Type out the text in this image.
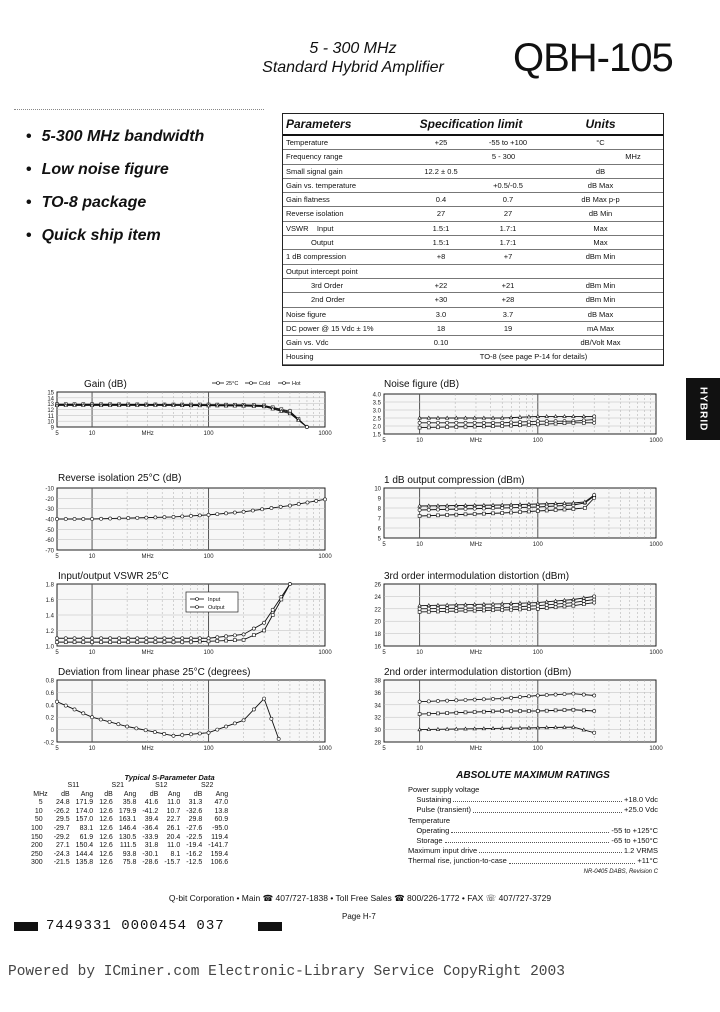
5 - 300 MHz
Standard Hybrid Amplifier	QBH-105
• 5-300 MHz bandwidth
• Low noise figure
• TO-8 package
• Quick ship item
Parameters	Specification limit	Units
Temperature	+25	-55 to +100	°C
Frequency range	5 - 300	MHz
Small signal gain	12.2 ± 0.5	dB
Gain vs. temperature	+0.5/-0.5	dB Max
Gain flatness	0.4	0.7	dB Max p-p
Reverse isolation	27	27	dB Min
VSWR    Input	1.5:1	1.7:1	Max
Output	1.5:1	1.7:1	Max
1 dB compression	+8	+7	dBm Min
Output intercept point
3rd Order	+22	+21	dBm Min
2nd Order	+30	+28	dBm Min
Noise figure	3.0	3.7	dB Max
DC power @ 15 Vdc ± 1%	18	19	mA Max
Gain vs. Vdc	0.10	dB/Volt Max
Housing	TO-8 (see page P-14 for details)
HYBRID
Gain (dB)	Noise figure (dB)
Reverse isolation 25°C (dB)	1 dB output compression (dBm)
Input/output VSWR 25°C	3rd order intermodulation distortion (dBm)
Deviation from linear phase 25°C (degrees)	2nd order intermodulation distortion (dBm)
15
14
13
12
11
10
9
5	10	MHz	100	1000
4.0
3.5
3.0
2.5
2.0
1.5
5	10	MHz	100	1000
-10
-20
-30
-40
-50
-60
-70
5	10	MHz	100	1000
10
9
8
7
6
5
5	10	MHz	100	1000
1.8
1.6
1.4
1.2
1.0
5	10	MHz	100	1000
26
24
22
20
18
16
5	10	MHz	100	1000
0.8
0.6
0.4
0.2
0
-0.2
5	10	MHz	100	1000
38
36
34
32
30
28
5	10	MHz	100	1000
25°C	Cold	Hot
Input
Output
Typical S-Parameter Data
	S11		S21		S12		S22	
MHz	dB	Ang	dB	Ang	dB	Ang	dB	Ang
5	24.8	171.9	12.6	35.8	41.6	11.0	31.3	47.0
10	-26.2	174.0	12.6	179.9	-41.2	10.7	-32.6	13.8
50	29.5	157.0	12.6	163.1	39.4	22.7	29.8	60.9
100	-29.7	83.1	12.6	146.4	-36.4	26.1	-27.6	-95.0
150	-29.2	61.9	12.6	130.5	-33.9	20.4	-22.5	119.4
200	27.1	150.4	12.6	111.5	31.8	11.0	-19.4	-141.7
250	-24.3	144.4	12.6	93.8	-30.1	8.1	-16.2	159.4
300	-21.5	135.8	12.6	75.8	-28.6	-15.7	-12.5	106.6
ABSOLUTE MAXIMUM RATINGS
Power supply voltage
Sustaining	+18.0 Vdc
Pulse (transient)	+25.0 Vdc
Temperature
Operating	-55 to +125°C
Storage	-65 to +150°C
Maximum input drive	1.2 VRMS
Thermal rise, junction-to-case	+11°C
NR-0405 DABS, Revision C
Q-bit Corporation • Main ☎ 407/727-1838 • Toll Free Sales ☎ 800/226-1772 • FAX ☏ 407/727-3729
Page H-7
7449331 0000454 037
Powered by ICminer.com Electronic-Library Service CopyRight 2003
